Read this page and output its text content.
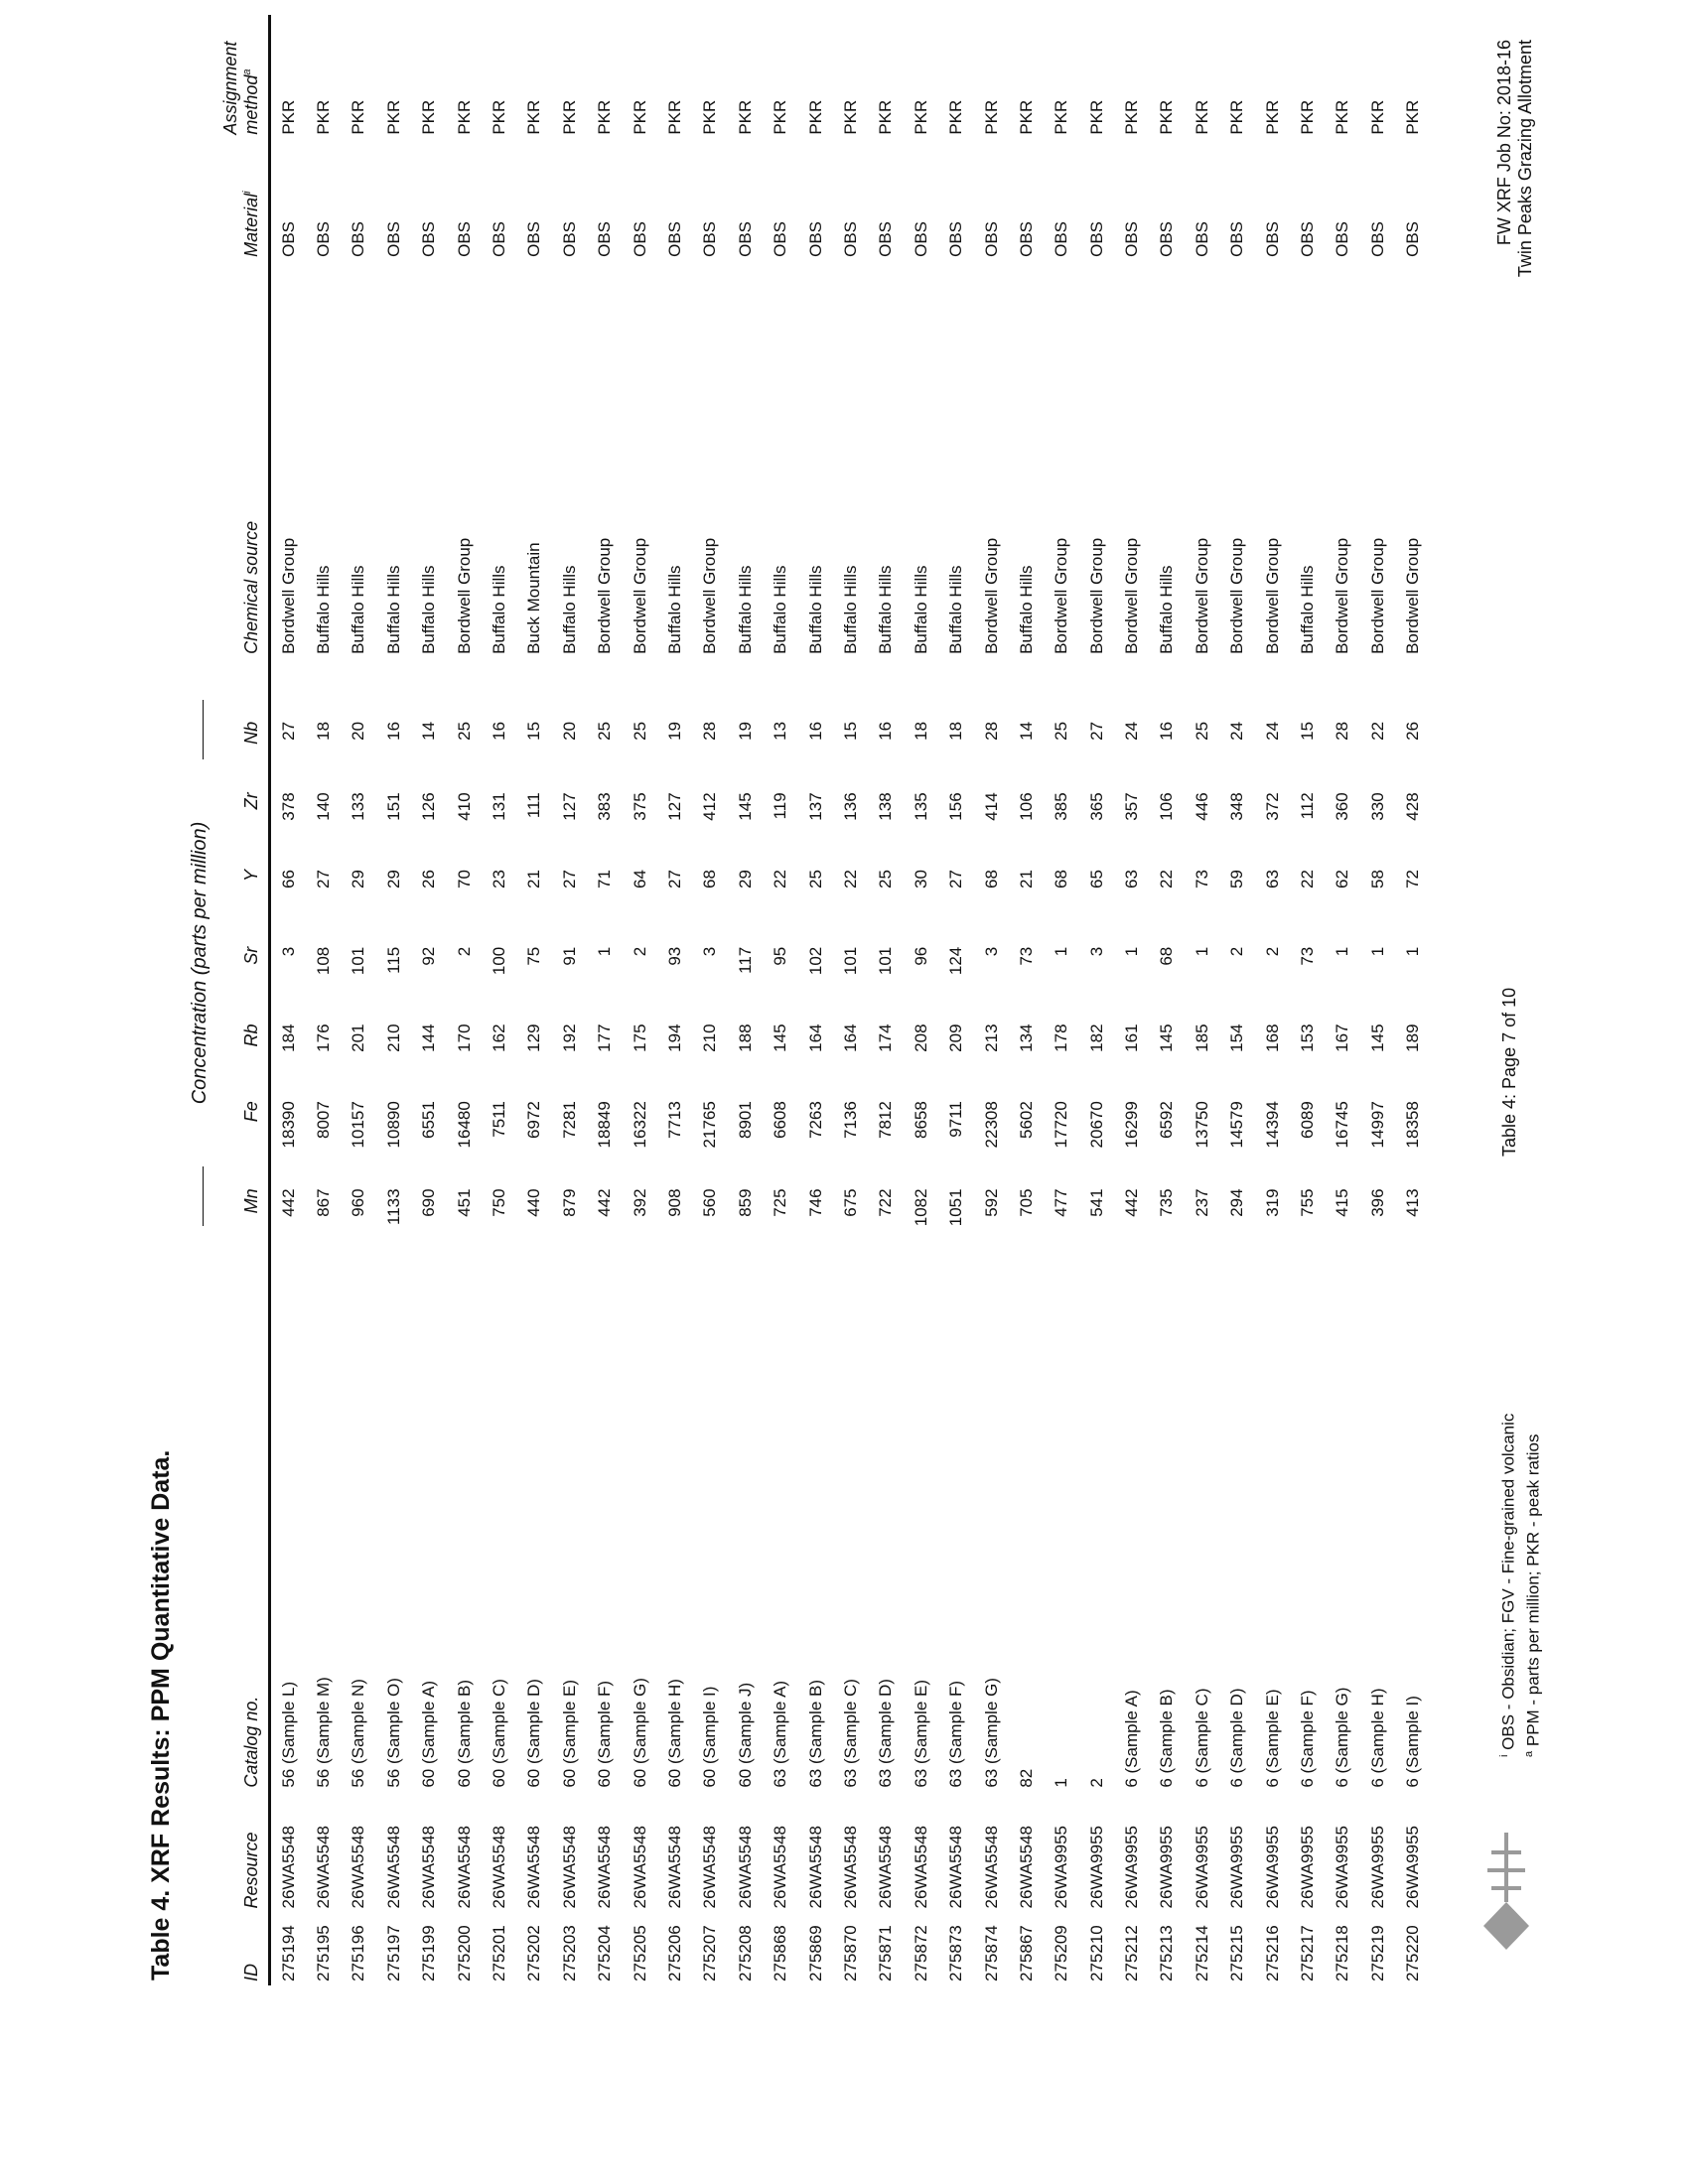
Table 4. XRF Results: PPM Quantitative Data.
Concentration (parts per million)
ID	Resource	Catalog no.	Mn	Fe	Rb	Sr	Y	Zr	Nb	Chemical source	Material$^i$	Assignment
method$^a$
275194	26WA5548	56 (Sample L)	442	18390	184	3	66	378	27	Bordwell Group	OBS	PKR
275195	26WA5548	56 (Sample M)	867	8007	176	108	27	140	18	Buffalo Hills	OBS	PKR
275196	26WA5548	56 (Sample N)	960	10157	201	101	29	133	20	Buffalo Hills	OBS	PKR
275197	26WA5548	56 (Sample O)	1133	10890	210	115	29	151	16	Buffalo Hills	OBS	PKR
275199	26WA5548	60 (Sample A)	690	6551	144	92	26	126	14	Buffalo Hills	OBS	PKR
275200	26WA5548	60 (Sample B)	451	16480	170	2	70	410	25	Bordwell Group	OBS	PKR
275201	26WA5548	60 (Sample C)	750	7511	162	100	23	131	16	Buffalo Hills	OBS	PKR
275202	26WA5548	60 (Sample D)	440	6972	129	75	21	111	15	Buck Mountain	OBS	PKR
275203	26WA5548	60 (Sample E)	879	7281	192	91	27	127	20	Buffalo Hills	OBS	PKR
275204	26WA5548	60 (Sample F)	442	18849	177	1	71	383	25	Bordwell Group	OBS	PKR
275205	26WA5548	60 (Sample G)	392	16322	175	2	64	375	25	Bordwell Group	OBS	PKR
275206	26WA5548	60 (Sample H)	908	7713	194	93	27	127	19	Buffalo Hills	OBS	PKR
275207	26WA5548	60 (Sample I)	560	21765	210	3	68	412	28	Bordwell Group	OBS	PKR
275208	26WA5548	60 (Sample J)	859	8901	188	117	29	145	19	Buffalo Hills	OBS	PKR
275868	26WA5548	63 (Sample A)	725	6608	145	95	22	119	13	Buffalo Hills	OBS	PKR
275869	26WA5548	63 (Sample B)	746	7263	164	102	25	137	16	Buffalo Hills	OBS	PKR
275870	26WA5548	63 (Sample C)	675	7136	164	101	22	136	15	Buffalo Hills	OBS	PKR
275871	26WA5548	63 (Sample D)	722	7812	174	101	25	138	16	Buffalo Hills	OBS	PKR
275872	26WA5548	63 (Sample E)	1082	8658	208	96	30	135	18	Buffalo Hills	OBS	PKR
275873	26WA5548	63 (Sample F)	1051	9711	209	124	27	156	18	Buffalo Hills	OBS	PKR
275874	26WA5548	63 (Sample G)	592	22308	213	3	68	414	28	Bordwell Group	OBS	PKR
275867	26WA5548	82	705	5602	134	73	21	106	14	Buffalo Hills	OBS	PKR
275209	26WA9955	1	477	17720	178	1	68	385	25	Bordwell Group	OBS	PKR
275210	26WA9955	2	541	20670	182	3	65	365	27	Bordwell Group	OBS	PKR
275212	26WA9955	6 (Sample A)	442	16299	161	1	63	357	24	Bordwell Group	OBS	PKR
275213	26WA9955	6 (Sample B)	735	6592	145	68	22	106	16	Buffalo Hills	OBS	PKR
275214	26WA9955	6 (Sample C)	237	13750	185	1	73	446	25	Bordwell Group	OBS	PKR
275215	26WA9955	6 (Sample D)	294	14579	154	2	59	348	24	Bordwell Group	OBS	PKR
275216	26WA9955	6 (Sample E)	319	14394	168	2	63	372	24	Bordwell Group	OBS	PKR
275217	26WA9955	6 (Sample F)	755	6089	153	73	22	112	15	Buffalo Hills	OBS	PKR
275218	26WA9955	6 (Sample G)	415	16745	167	1	62	360	28	Bordwell Group	OBS	PKR
275219	26WA9955	6 (Sample H)	396	14997	145	1	58	330	22	Bordwell Group	OBS	PKR
275220	26WA9955	6 (Sample I)	413	18358	189	1	72	428	26	Bordwell Group	OBS	PKR
$^i$ OBS - Obsidian; FGV - Fine-grained volcanic
$^a$ PPM - parts per million; PKR - peak ratios
Table 4: Page 7 of 10
FW XRF Job No: 2018-16 Twin Peaks Grazing Allotment
